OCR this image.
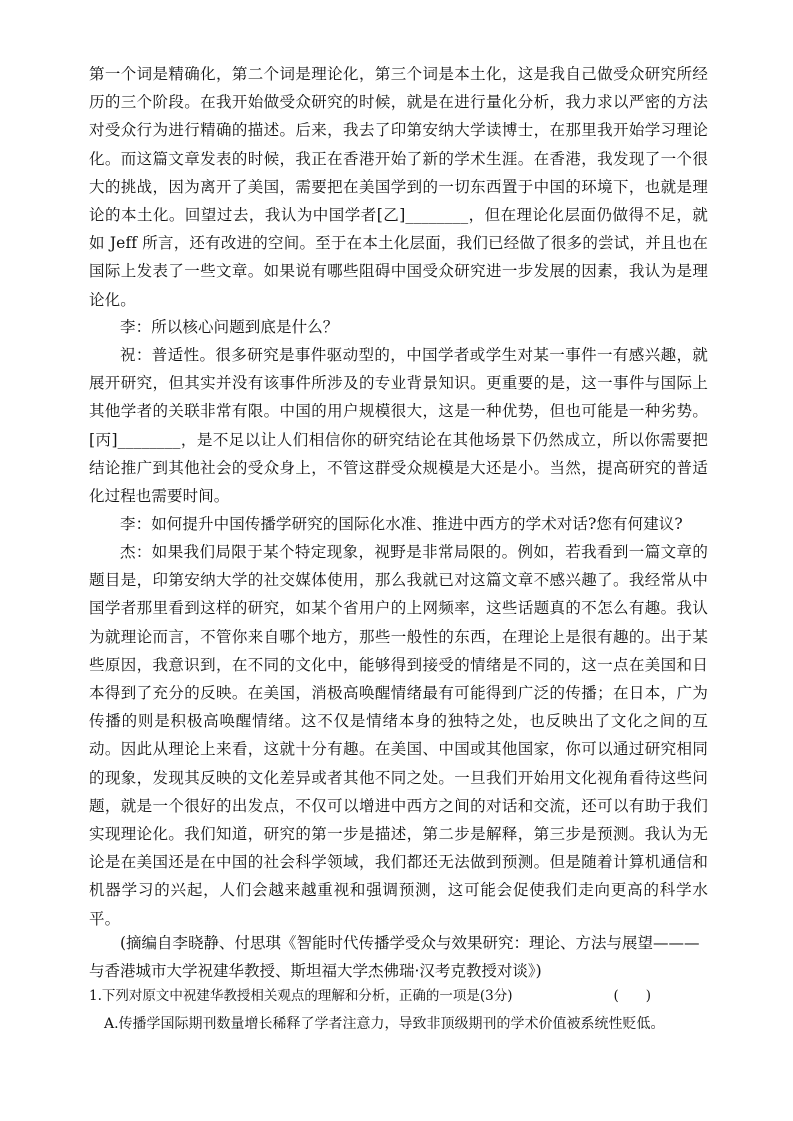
第一个词是精确化，第二个词是理论化，第三个词是本土化，这是我自己做受众研究所经历的三个阶段。在我开始做受众研究的时候，就是在进行量化分析，我力求以严密的方法对受众行为进行精确的描述。后来，我去了印第安纳大学读博士，在那里我开始学习理论化。而这篇文章发表的时候，我正在香港开始了新的学术生涯。在香港，我发现了一个很大的挑战，因为离开了美国，需要把在美国学到的一切东西置于中国的环境下，也就是理论的本土化。回望过去，我认为中国学者[乙]________，但在理论化层面仍做得不足，就如 Jeff 所言，还有改进的空间。至于在本土化层面，我们已经做了很多的尝试，并且也在国际上发表了一些文章。如果说有哪些阻碍中国受众研究进一步发展的因素，我认为是理论化。

李：所以核心问题到底是什么？

祝：普适性。很多研究是事件驱动型的，中国学者或学生对某一事件一有感兴趣，就展开研究，但其实并没有该事件所涉及的专业背景知识。更重要的是，这一事件与国际上其他学者的关联非常有限。中国的用户规模很大，这是一种优势，但也可能是一种劣势。[丙]________，是不足以让人们相信你的研究结论在其他场景下仍然成立，所以你需要把结论推广到其他社会的受众身上，不管这群受众规模是大还是小。当然，提高研究的普适化过程也需要时间。

李：如何提升中国传播学研究的国际化水准、推进中西方的学术对话?您有何建议?

杰：如果我们局限于某个特定现象，视野是非常局限的。例如，若我看到一篇文章的题目是，印第安纳大学的社交媒体使用，那么我就已对这篇文章不感兴趣了。我经常从中国学者那里看到这样的研究，如某个省用户的上网频率，这些话题真的不怎么有趣。我认为就理论而言，不管你来自哪个地方，那些一般性的东西，在理论上是很有趣的。出于某些原因，我意识到，在不同的文化中，能够得到接受的情绪是不同的，这一点在美国和日本得到了充分的反映。在美国，消极高唤醒情绪最有可能得到广泛的传播；在日本，广为传播的则是积极高唤醒情绪。这不仅是情绪本身的独特之处，也反映出了文化之间的互动。因此从理论上来看，这就十分有趣。在美国、中国或其他国家，你可以通过研究相同的现象，发现其反映的文化差异或者其他不同之处。一旦我们开始用文化视角看待这些问题，就是一个很好的出发点，不仅可以增进中西方之间的对话和交流，还可以有助于我们实现理论化。我们知道，研究的第一步是描述，第二步是解释，第三步是预测。我认为无论是在美国还是在中国的社会科学领域，我们都还无法做到预测。但是随着计算机通信和机器学习的兴起，人们会越来越重视和强调预测，这可能会促使我们走向更高的科学水平。

(摘编自李晓静、付思琪《智能时代传播学受众与效果研究：理论、方法与展望———与香港城市大学祝建华教授、斯坦福大学杰佛瑞·汉考克教授对谈》)

1.下列对原文中祝建华教授相关观点的理解和分析，正确的一项是(3分)	(　　)

A.传播学国际期刊数量增长稀释了学者注意力，导致非顶级期刊的学术价值被系统性贬低。
